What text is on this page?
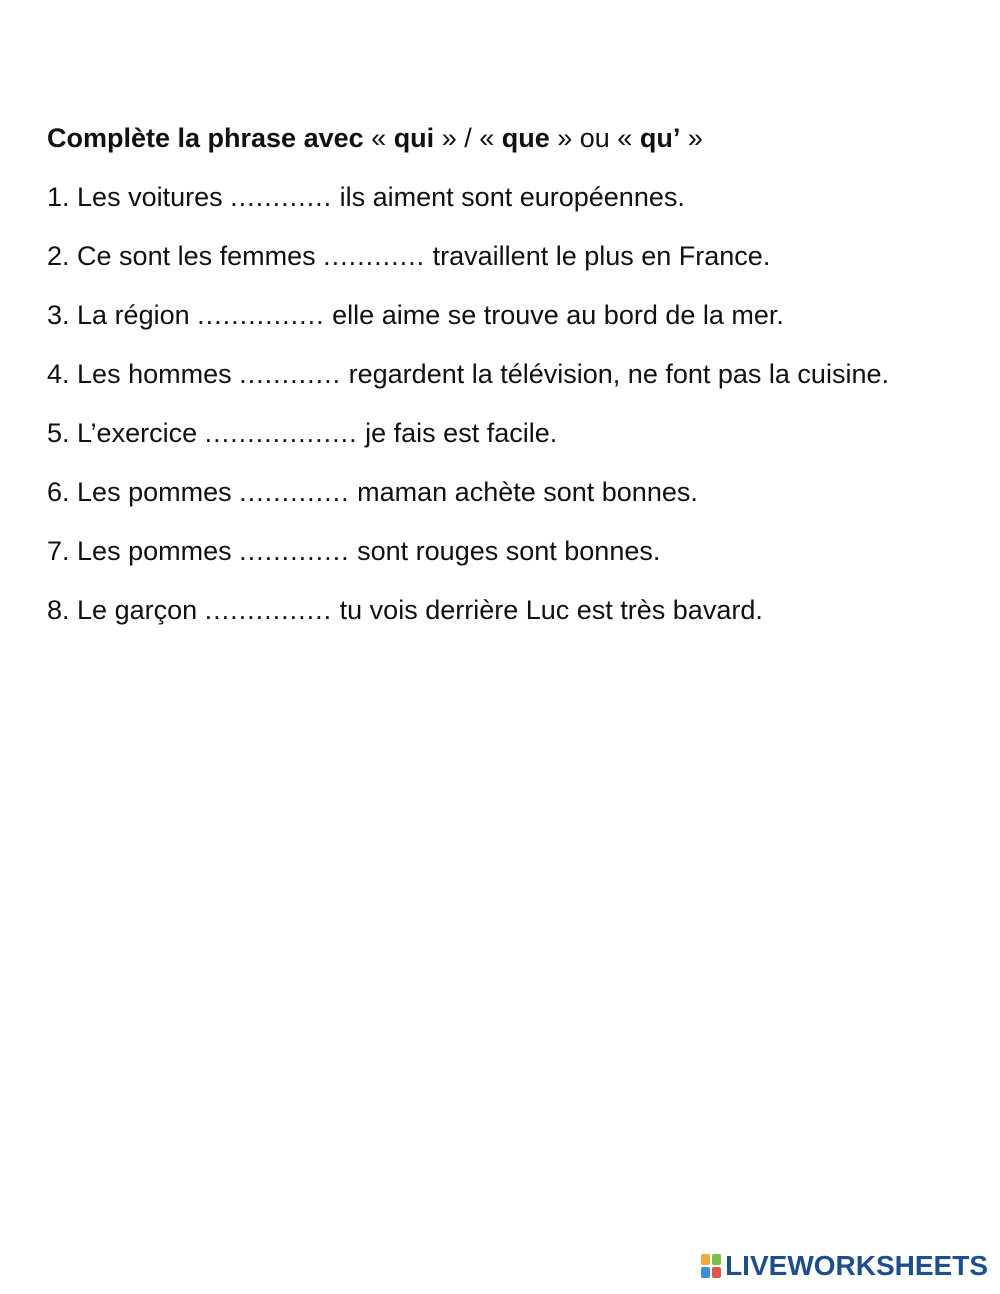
Complète la phrase avec « qui » / « que » ou « qu’ »

1. Les voitures ............ ils aiment sont européennes.
2. Ce sont les femmes ............ travaillent le plus en France.
3. La région ............... elle aime se trouve au bord de la mer.
4. Les hommes ............ regardent la télévision, ne font pas la cuisine.
5. L’exercice .................. je fais est facile.
6. Les pommes ............. maman achète sont bonnes.
7. Les pommes ............. sont rouges sont bonnes.
8. Le garçon ............... tu vois derrière Luc est très bavard.
LIVEWORKSHEETS
